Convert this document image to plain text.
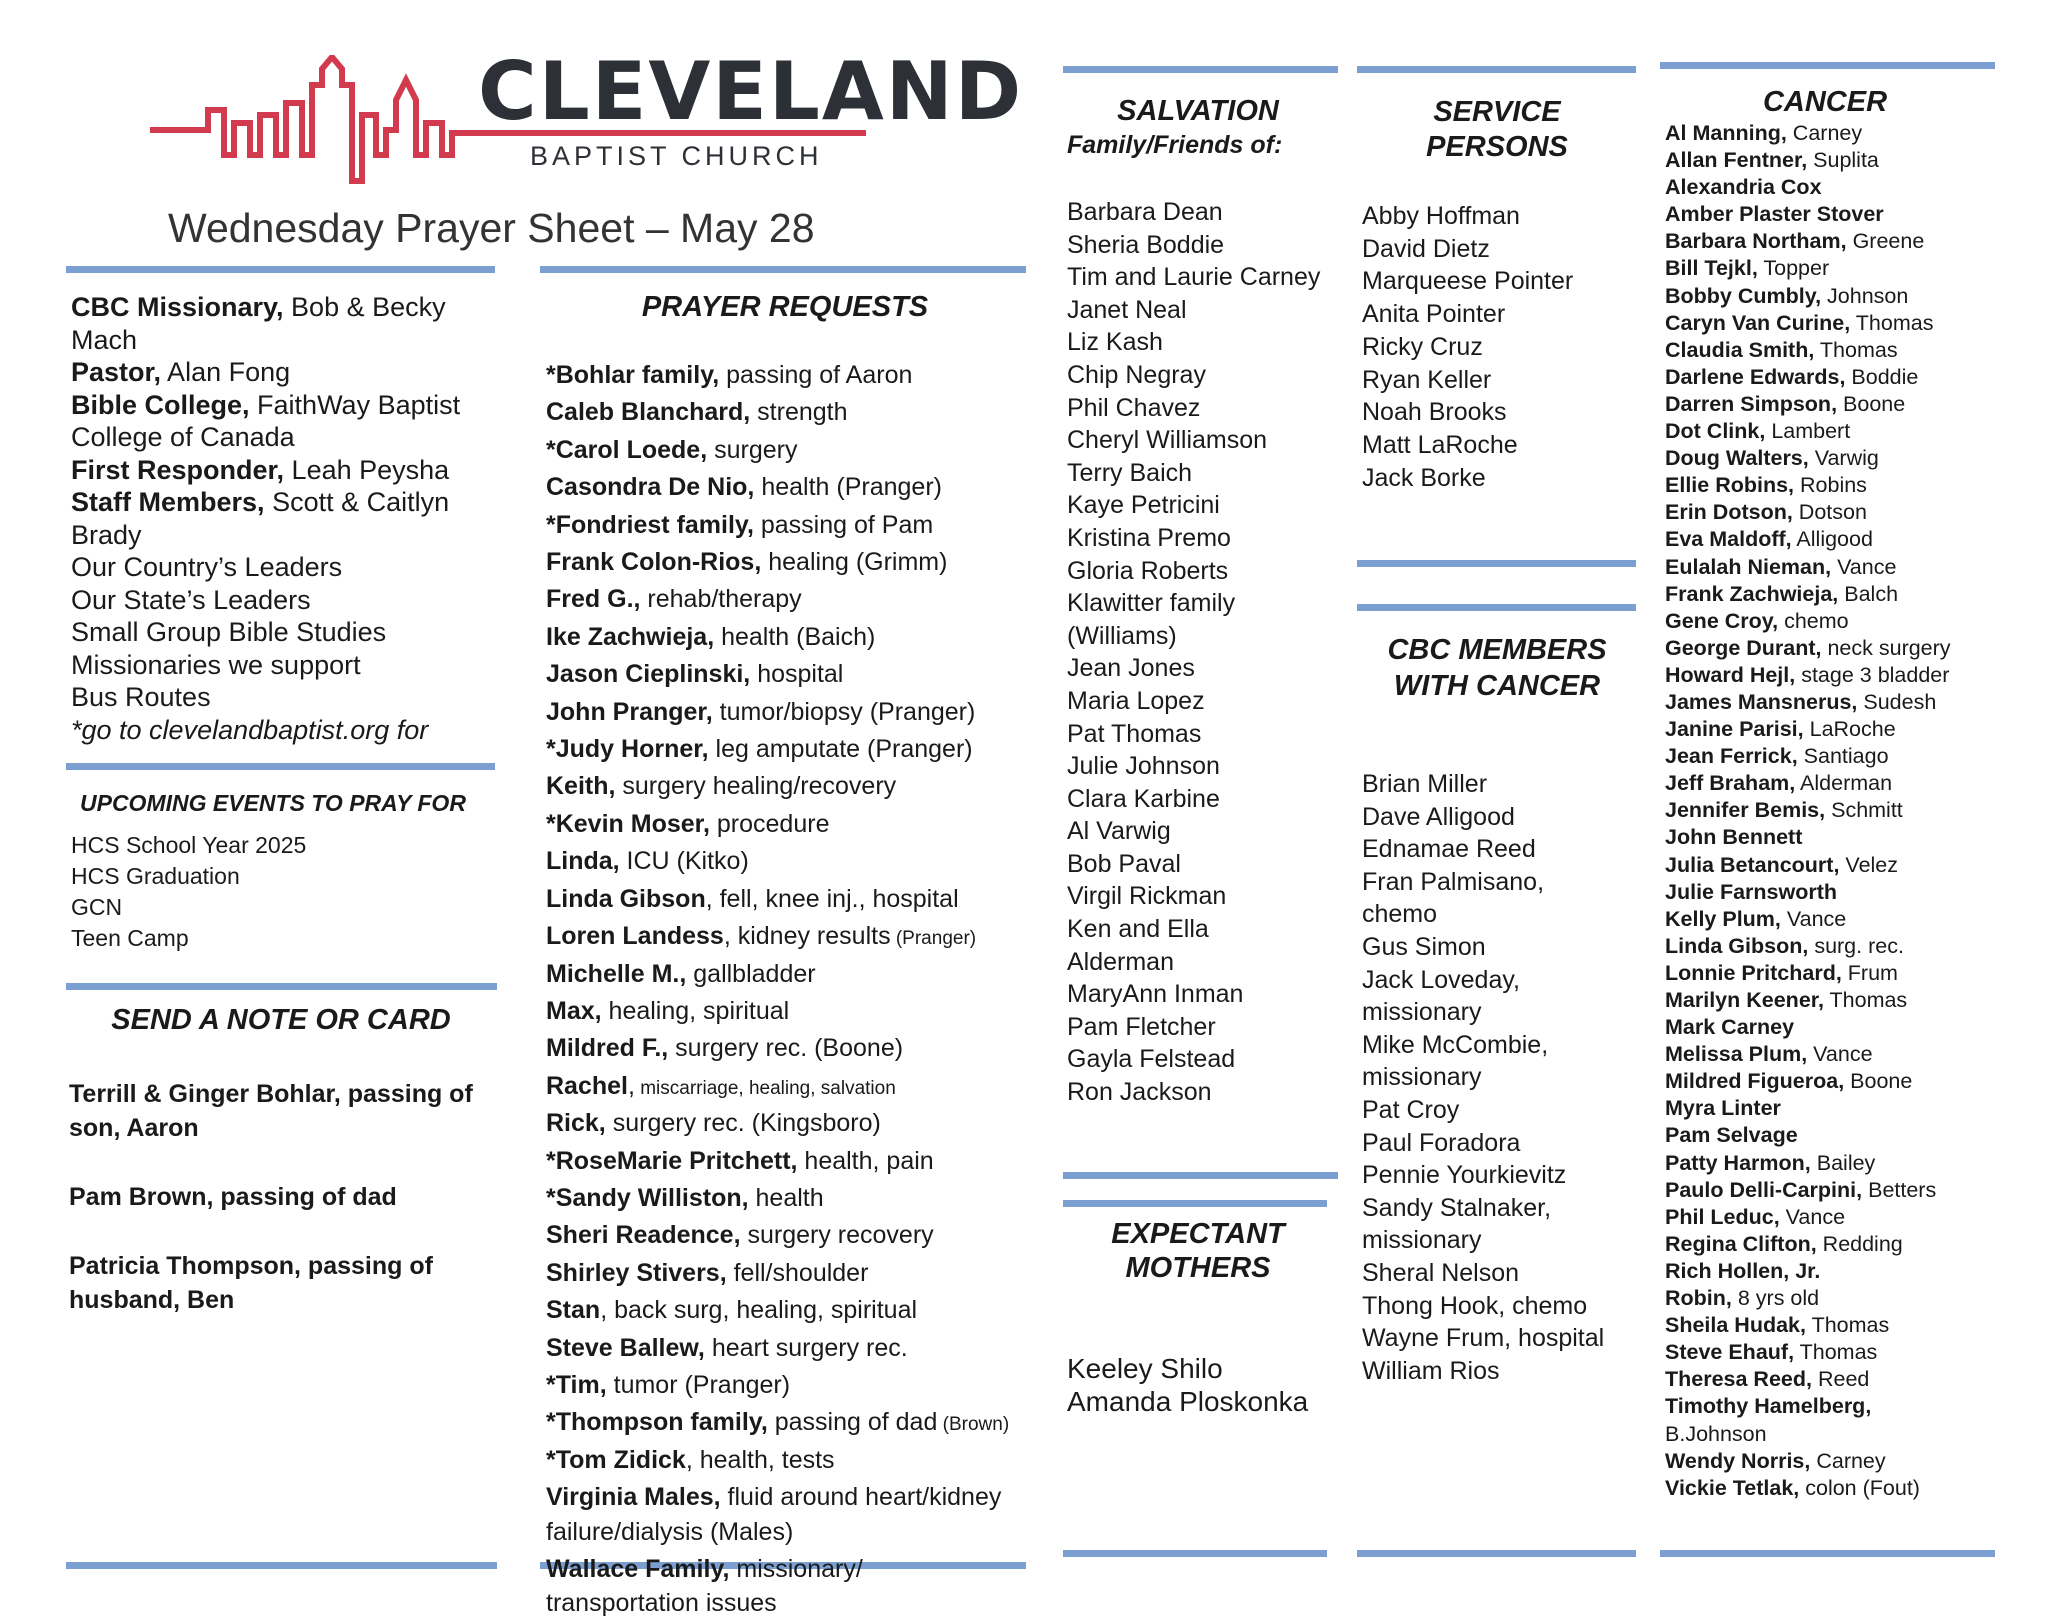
CLEVELAND
BAPTIST CHURCH
Wednesday Prayer Sheet – May 28
CBC Missionary, Bob & Becky Mach
Pastor, Alan Fong
Bible College, FaithWay Baptist College of Canada
First Responder, Leah Peysha
Staff Members, Scott & Caitlyn Brady
Our Country’s Leaders
Our State’s Leaders
Small Group Bible Studies
Missionaries we support
Bus Routes
*go to clevelandbaptist.org for
UPCOMING EVENTS TO PRAY FOR
HCS School Year 2025
HCS Graduation
GCN
Teen Camp
SEND A NOTE OR CARD
Terrill & Ginger Bohlar, passing of son, Aaron
Pam Brown, passing of dad
Patricia Thompson, passing of husband, Ben
PRAYER REQUESTS
*Bohlar family, passing of Aaron
Caleb Blanchard, strength
*Carol Loede, surgery
Casondra De Nio, health (Pranger)
*Fondriest family, passing of Pam
Frank Colon-Rios, healing (Grimm)
Fred G., rehab/therapy
Ike Zachwieja, health (Baich)
Jason Cieplinski, hospital
John Pranger, tumor/biopsy (Pranger)
*Judy Horner, leg amputate (Pranger)
Keith, surgery healing/recovery
*Kevin Moser, procedure
Linda, ICU (Kitko)
Linda Gibson, fell, knee inj., hospital
Loren Landess, kidney results (Pranger)
Michelle M., gallbladder
Max, healing, spiritual
Mildred F., surgery rec. (Boone)
Rachel, miscarriage, healing, salvation
Rick, surgery rec. (Kingsboro)
*RoseMarie Pritchett, health, pain
*Sandy Williston, health
Sheri Readence, surgery recovery
Shirley Stivers, fell/shoulder
Stan, back surg, healing, spiritual
Steve Ballew, heart surgery rec.
*Tim, tumor (Pranger)
*Thompson family, passing of dad (Brown)
*Tom Zidick, health, tests
Virginia Males, fluid around heart/kidney failure/dialysis (Males)
Wallace Family, missionary/ transportation issues
SALVATION
Family/Friends of:
Barbara Dean
Sheria Boddie
Tim and Laurie Carney
Janet Neal
Liz Kash
Chip Negray
Phil Chavez
Cheryl Williamson
Terry Baich
Kaye Petricini
Kristina Premo
Gloria Roberts
Klawitter family
(Williams)
Jean Jones
Maria Lopez
Pat Thomas
Julie Johnson
Clara Karbine
Al Varwig
Bob Paval
Virgil Rickman
Ken and Ella
Alderman
MaryAnn Inman
Pam Fletcher
Gayla Felstead
Ron Jackson
EXPECTANT
MOTHERS
Keeley Shilo
Amanda Ploskonka
SERVICE
PERSONS
Abby Hoffman
David Dietz
Marqueese Pointer
Anita Pointer
Ricky Cruz
Ryan Keller
Noah Brooks
Matt LaRoche
Jack Borke
CBC MEMBERS
WITH CANCER
Brian Miller
Dave Alligood
Ednamae Reed
Fran Palmisano,
chemo
Gus Simon
Jack Loveday,
missionary
Mike McCombie,
missionary
Pat Croy
Paul Foradora
Pennie Yourkievitz
Sandy Stalnaker,
missionary
Sheral Nelson
Thong Hook, chemo
Wayne Frum, hospital
William Rios
CANCER
Al Manning, Carney
Allan Fentner, Suplita
Alexandria Cox
Amber Plaster Stover
Barbara Northam, Greene
Bill Tejkl, Topper
Bobby Cumbly, Johnson
Caryn Van Curine, Thomas
Claudia Smith, Thomas
Darlene Edwards, Boddie
Darren Simpson, Boone
Dot Clink, Lambert
Doug Walters, Varwig
Ellie Robins, Robins
Erin Dotson, Dotson
Eva Maldoff, Alligood
Eulalah Nieman, Vance
Frank Zachwieja, Balch
Gene Croy, chemo
George Durant, neck surgery
Howard Hejl, stage 3 bladder
James Mansnerus, Sudesh
Janine Parisi, LaRoche
Jean Ferrick, Santiago
Jeff Braham, Alderman
Jennifer Bemis, Schmitt
John Bennett
Julia Betancourt, Velez
Julie Farnsworth
Kelly Plum, Vance
Linda Gibson, surg. rec.
Lonnie Pritchard, Frum
Marilyn Keener, Thomas
Mark Carney
Melissa Plum, Vance
Mildred Figueroa, Boone
Myra Linter
Pam Selvage
Patty Harmon, Bailey
Paulo Delli-Carpini, Betters
Phil Leduc, Vance
Regina Clifton, Redding
Rich Hollen, Jr.
Robin, 8 yrs old
Sheila Hudak, Thomas
Steve Ehauf, Thomas
Theresa Reed, Reed
Timothy Hamelberg,
B.Johnson
Wendy Norris, Carney
Vickie Tetlak, colon (Fout)
